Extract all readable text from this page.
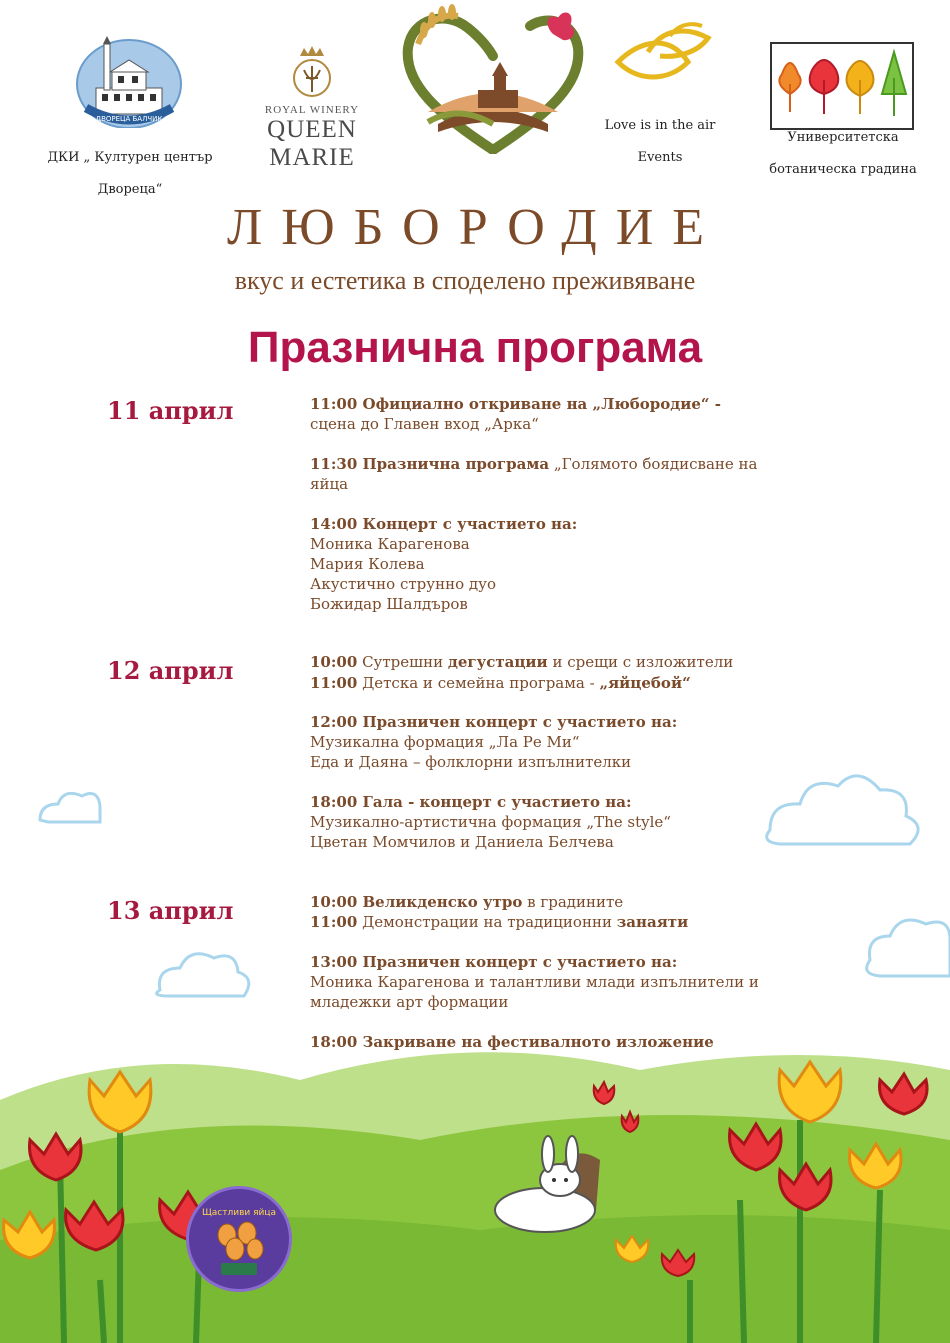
ДВОРЕЦА БАЛЧИК
ДКИ „ Културен център
Двореца“
ROYAL WINERY
QUEEN MARIE
Love is in the air
Events
Университетска
ботаническа градина
ЛЮБОРОДИЕ
вкус и естетика в споделено преживяване
Празнична програма
Щастливи яйца
11 април
12 април
13 април
11:00 Официално откриване на „Любородие“ -
сцена до Главен вход „Арка“
11:30 Празнична програма „Голямото боядисване на
яйца
14:00 Концерт с участието на:
Моника Карагенова
Мария Колева
Акустично струнно дуо
Божидар Шалдъров
10:00 Сутрешни дегустации и срещи с изложители
11:00 Детска и семейна програма - „яйцебой“
12:00 Празничен концерт с участието на:
Музикална формация „Ла Ре Ми“
Еда и Даяна – фолклорни изпълнителки
18:00 Гала - концерт с участието на:
Музикално-артистична формация „The style“
Цветан Момчилов и Даниела Белчева
10:00 Великденско утро в градините
11:00 Демонстрации на традиционни занаяти
13:00 Празничен концерт с участието на:
Моника Карагенова и талантливи млади изпълнители и
младежки арт формации
18:00 Закриване на фестивалното изложение
